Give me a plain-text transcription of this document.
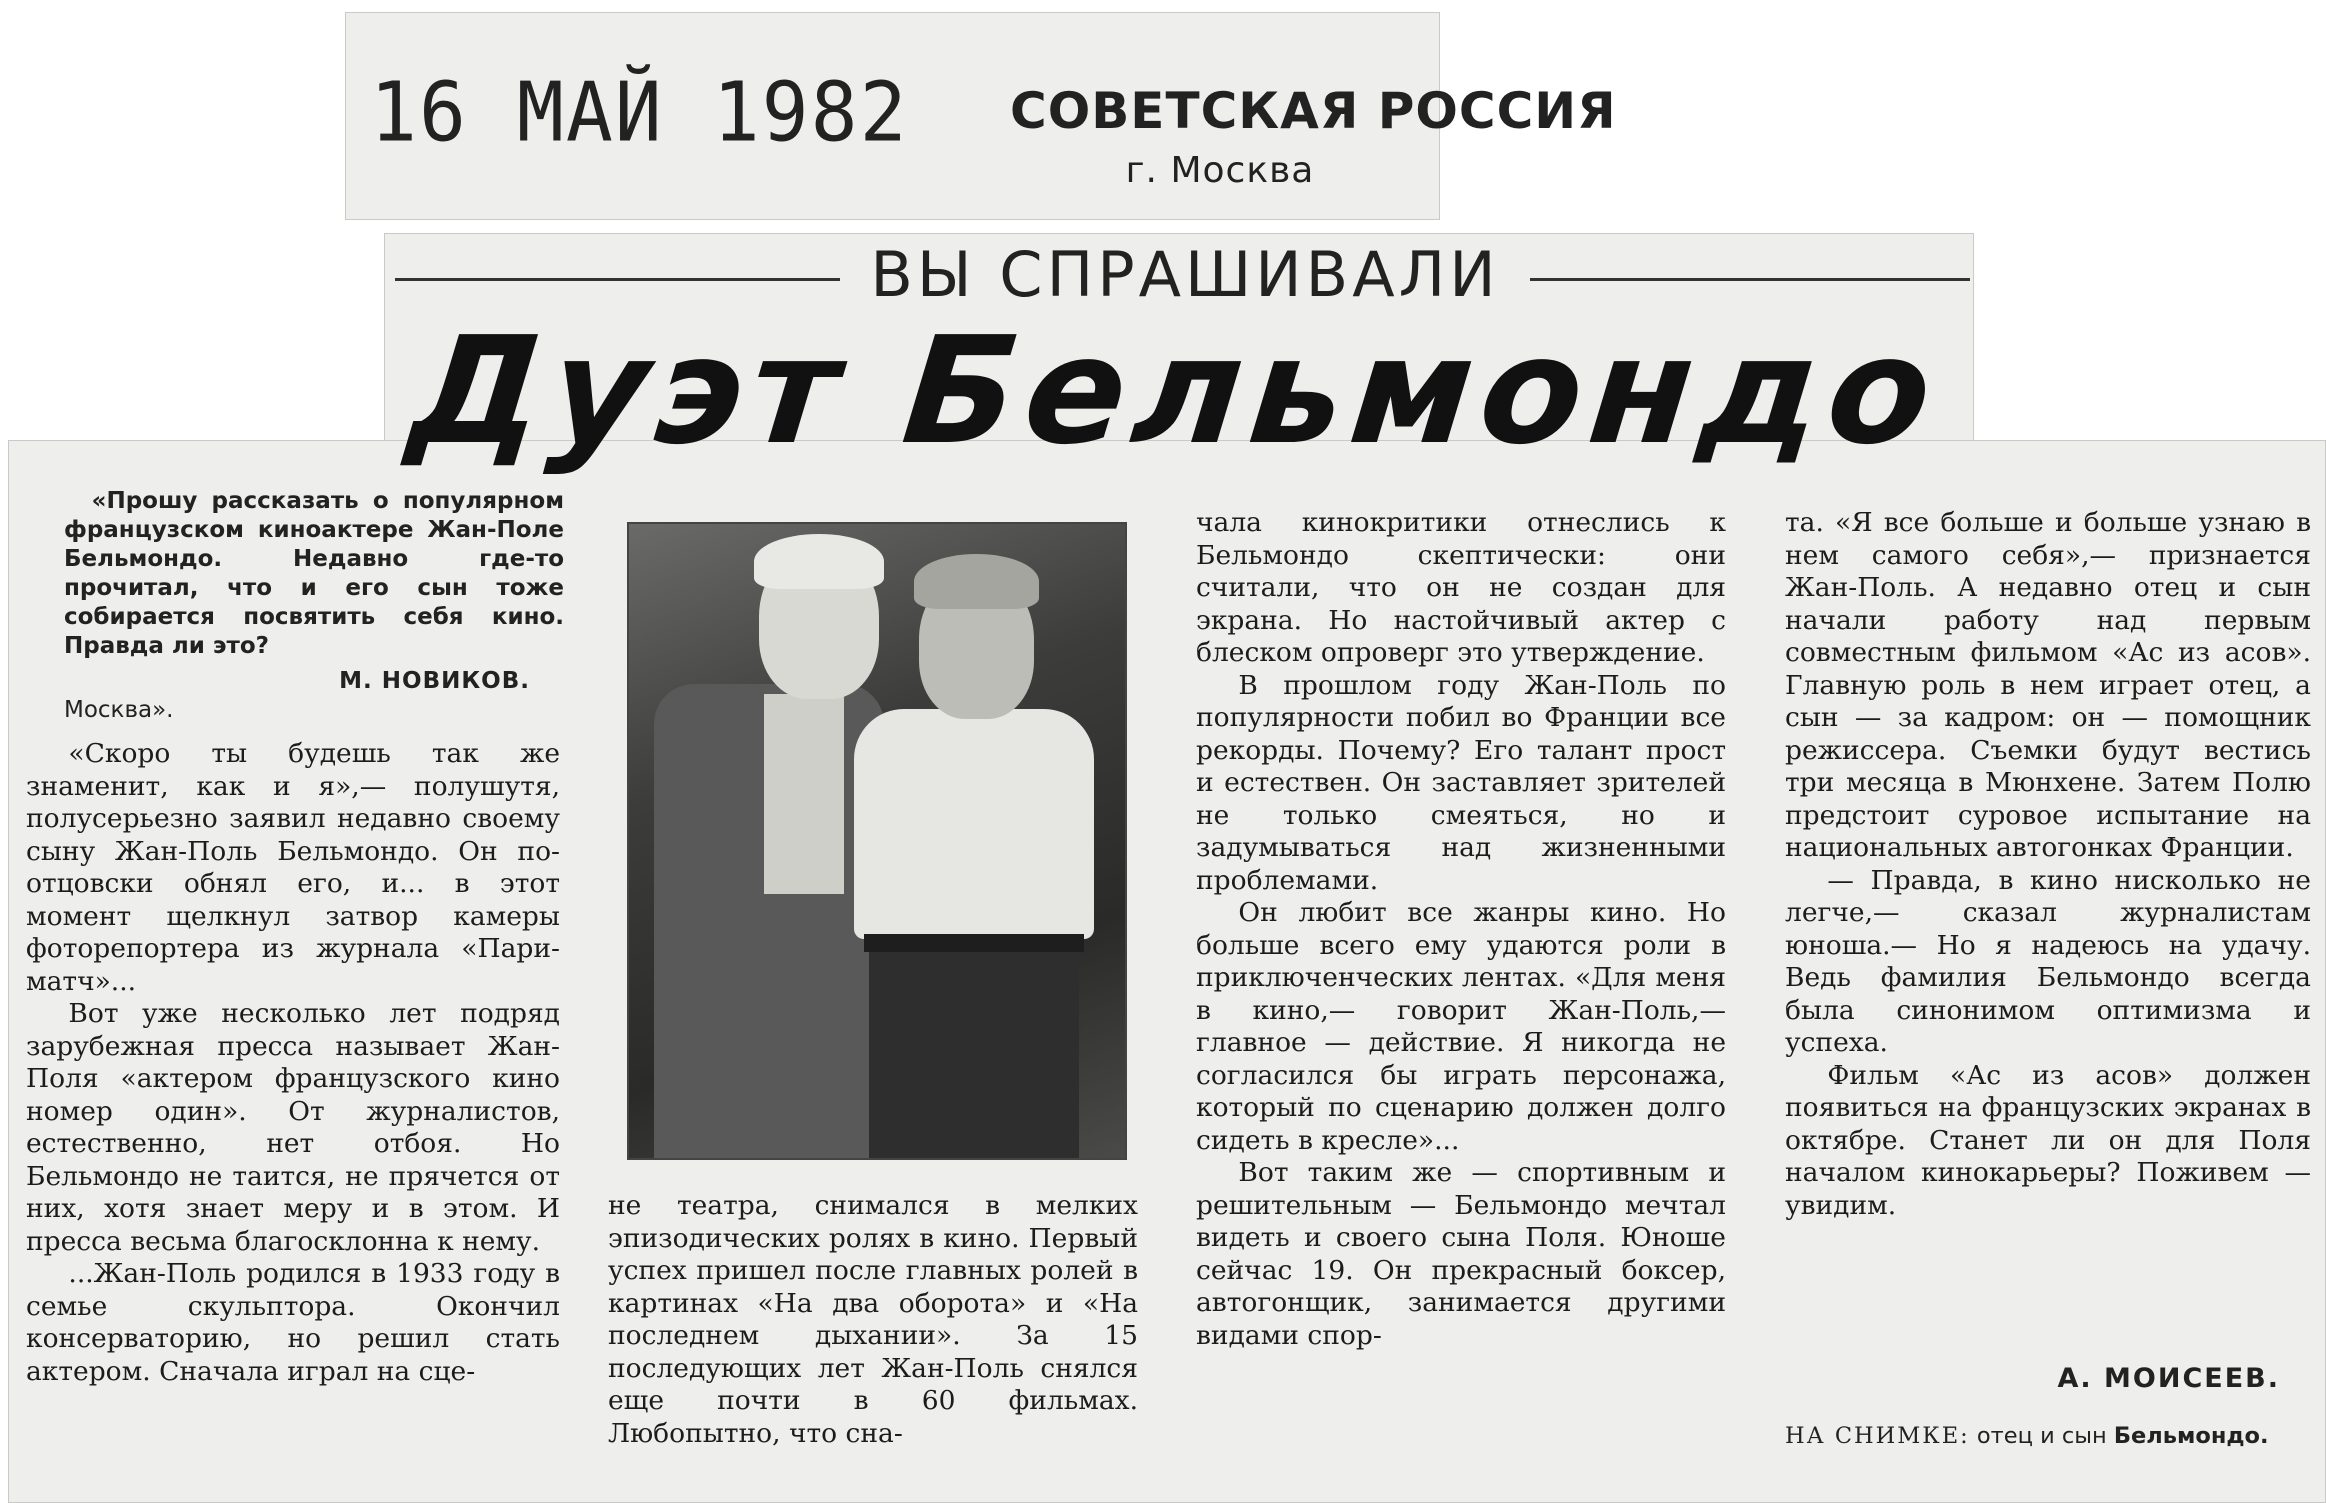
16 МАЙ 1982 СОВЕТСКАЯ РОССИЯ
г. Москва
ВЫ СПРАШИВАЛИ
Дуэт Бельмондо

«Прошу рассказать о популярном французском киноактере Жан-Поле Бельмондо. Недавно где-то прочитал, что и его сын тоже собирается посвятить себя кино. Правда ли это?

М. НОВИКОВ.
Москва».

«Скоро ты будешь так же знаменит, как и я»,— полушутя, полусерьезно заявил недавно своему сыну Жан-Поль Бельмондо. Он по-отцовски обнял его, и... в этот момент щелкнул затвор камеры фоторепортера из журнала «Пари-матч»...

Вот уже несколько лет подряд зарубежная пресса называет Жан-Поля «актером французского кино номер один». От журналистов, естественно, нет отбоя. Но Бельмондо не таится, не прячется от них, хотя знает меру и в этом. И пресса весьма благосклонна к нему.

...Жан-Поль родился в 1933 году в семье скульптора. Окончил консерваторию, но решил стать актером. Сначала играл на сце-

не театра, снимался в мелких эпизодических ролях в кино. Первый успех пришел после главных ролей в картинах «На два оборота» и «На последнем дыхании». За 15 последующих лет Жан-Поль снялся еще почти в 60 фильмах. Любопытно, что сна-

чала кинокритики отнеслись к Бельмондо скептически: они считали, что он не создан для экрана. Но настойчивый актер с блеском опроверг это утверждение.

В прошлом году Жан-Поль по популярности побил во Франции все рекорды. Почему? Его талант прост и естествен. Он заставляет зрителей не только смеяться, но и задумываться над жизненными проблемами.

Он любит все жанры кино. Но больше всего ему удаются роли в приключенческих лентах. «Для меня в кино,— говорит Жан-Поль,— главное — действие. Я никогда не согласился бы играть персонажа, который по сценарию должен долго сидеть в кресле»...

Вот таким же — спортивным и решительным — Бельмондо мечтал видеть и своего сына Поля. Юноше сейчас 19. Он прекрасный боксер, автогонщик, занимается другими видами спор-

та. «Я все больше и больше узнаю в нем самого себя»,— признается Жан-Поль. А недавно отец и сын начали работу над первым совместным фильмом «Ас из асов». Главную роль в нем играет отец, а сын — за кадром: он — помощник режиссера. Съемки будут вестись три месяца в Мюнхене. Затем Полю предстоит суровое испытание на национальных автогонках Франции.

— Правда, в кино нисколько не легче,— сказал журналистам юноша.— Но я надеюсь на удачу. Ведь фамилия Бельмондо всегда была синонимом оптимизма и успеха.

Фильм «Ас из асов» должен появиться на французских экранах в октябре. Станет ли он для Поля началом кинокарьеры? Поживем — увидим.

А. МОИСЕЕВ.
НА СНИМКЕ: отец и сын Бельмондо.
